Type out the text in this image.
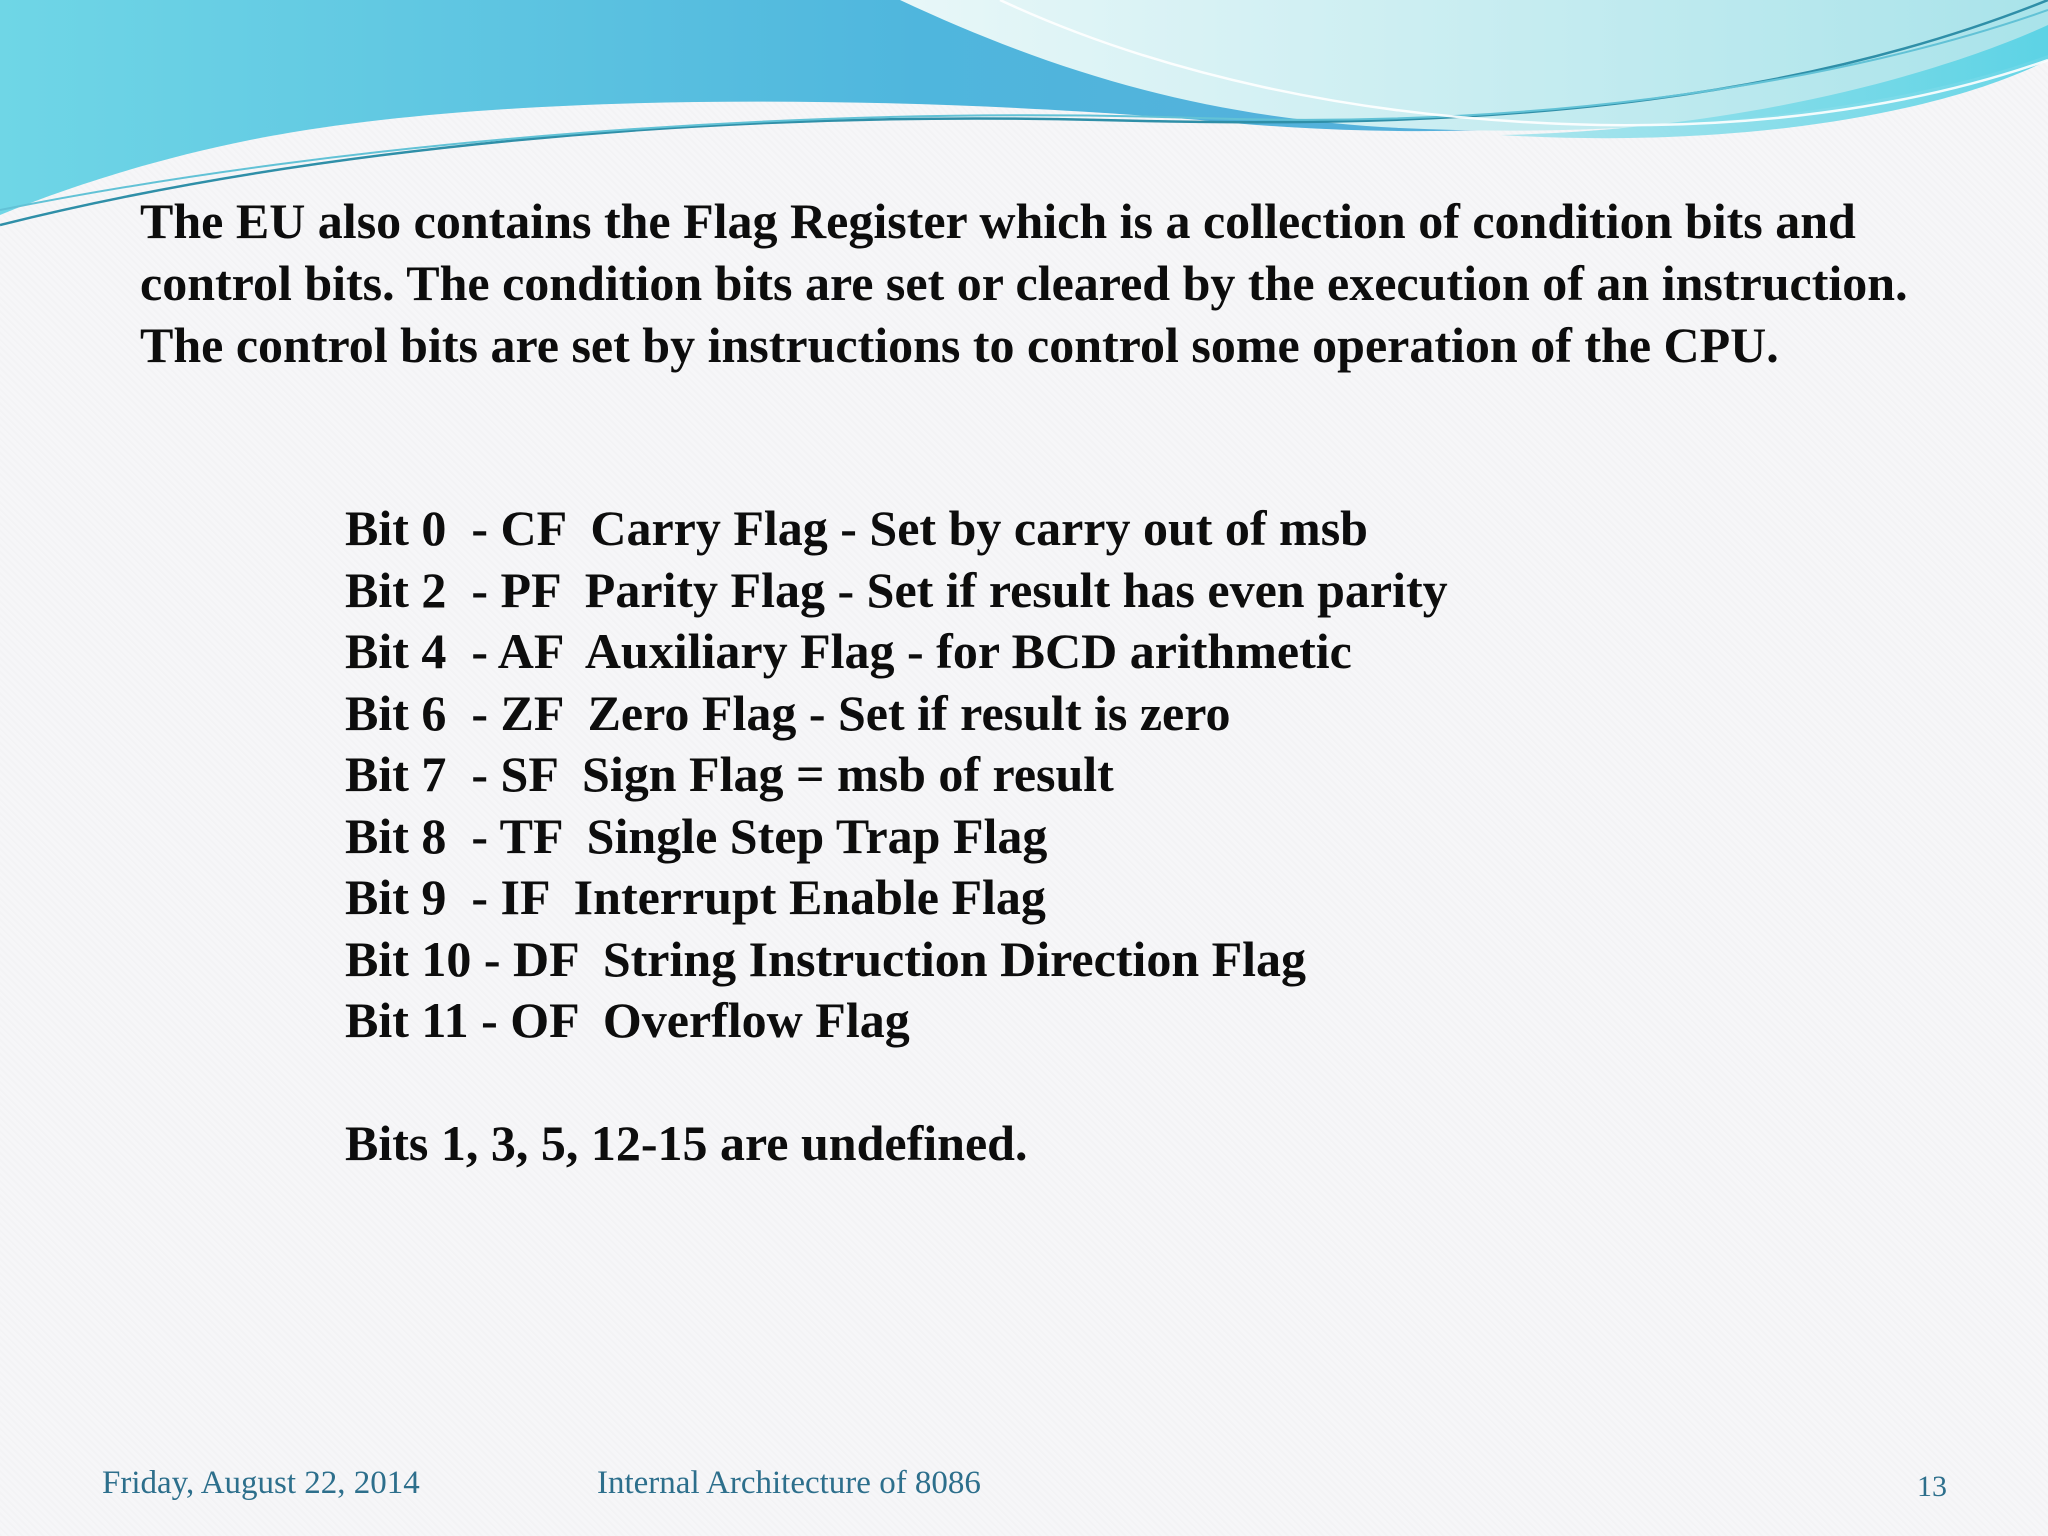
The EU also contains the Flag Register which is a collection of condition bits and control bits. The condition bits are set or cleared by the execution of an instruction. The control bits are set by instructions to control some operation of the CPU.

Bit 0  - CF  Carry Flag - Set by carry out of msb
Bit 2  - PF  Parity Flag - Set if result has even parity
Bit 4  - AF  Auxiliary Flag - for BCD arithmetic
Bit 6  - ZF  Zero Flag - Set if result is zero
Bit 7  - SF  Sign Flag = msb of result
Bit 8  - TF  Single Step Trap Flag
Bit 9  - IF  Interrupt Enable Flag
Bit 10 - DF  String Instruction Direction Flag
Bit 11 - OF  Overflow Flag

Bits 1, 3, 5, 12-15 are undefined.

Friday, August 22, 2014	Internal Architecture of 8086	13
